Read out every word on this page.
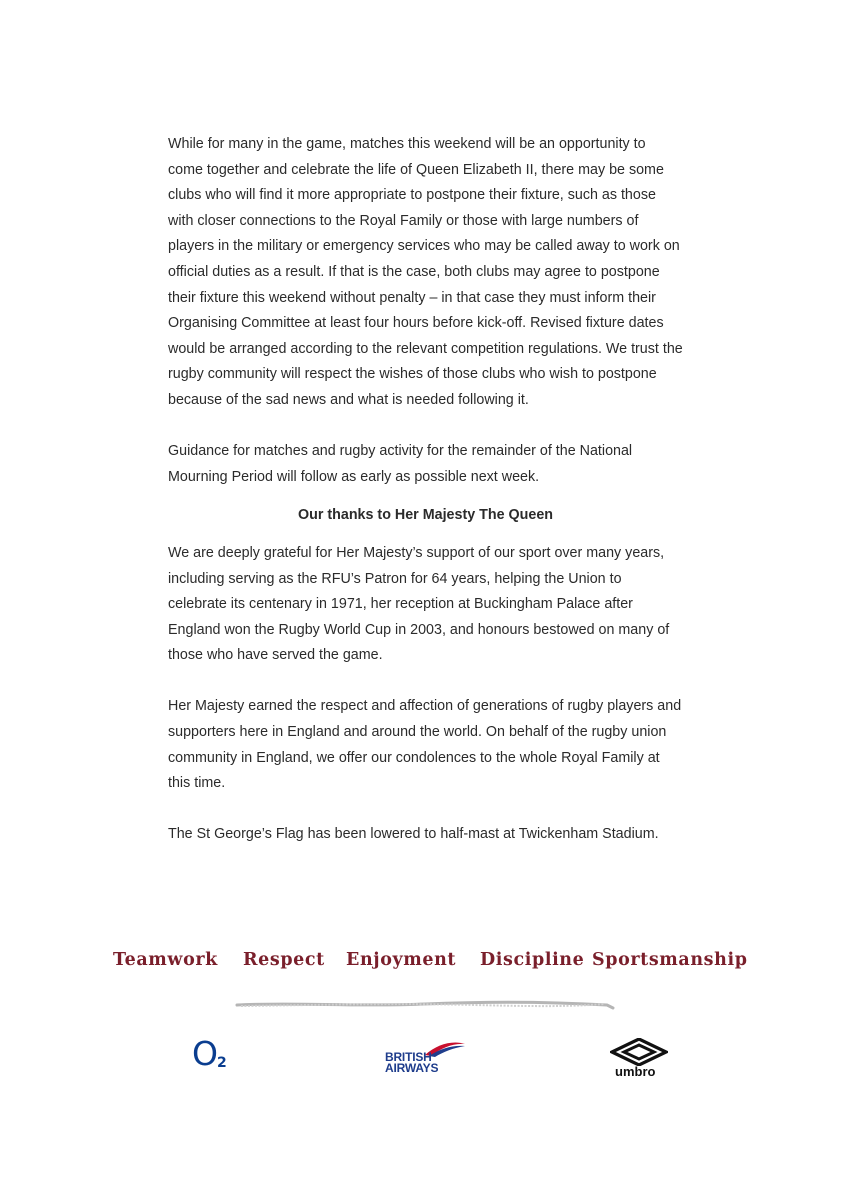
While for many in the game, matches this weekend will be an opportunity to come together and celebrate the life of Queen Elizabeth II, there may be some clubs who will find it more appropriate to postpone their fixture, such as those with closer connections to the Royal Family or those with large numbers of players in the military or emergency services who may be called away to work on official duties as a result. If that is the case, both clubs may agree to postpone their fixture this weekend without penalty – in that case they must inform their Organising Committee at least four hours before kick-off. Revised fixture dates would be arranged according to the relevant competition regulations. We trust the rugby community will respect the wishes of those clubs who wish to postpone because of the sad news and what is needed following it.

Guidance for matches and rugby activity for the remainder of the National Mourning Period will follow as early as possible next week.

Our thanks to Her Majesty The Queen

We are deeply grateful for Her Majesty’s support of our sport over many years, including serving as the RFU’s Patron for 64 years, helping the Union to celebrate its centenary in 1971, her reception at Buckingham Palace after England won the Rugby World Cup in 2003, and honours bestowed on many of those who have served the game.

Her Majesty earned the respect and affection of generations of rugby players and supporters here in England and around the world. On behalf of the rugby union community in England, we offer our condolences to the whole Royal Family at this time.

The St George’s Flag has been lowered to half-mast at Twickenham Stadium.

Teamwork Respect Enjoyment Discipline Sportsmanship
O 2	BRITISH
AIRWAYS	umbro
